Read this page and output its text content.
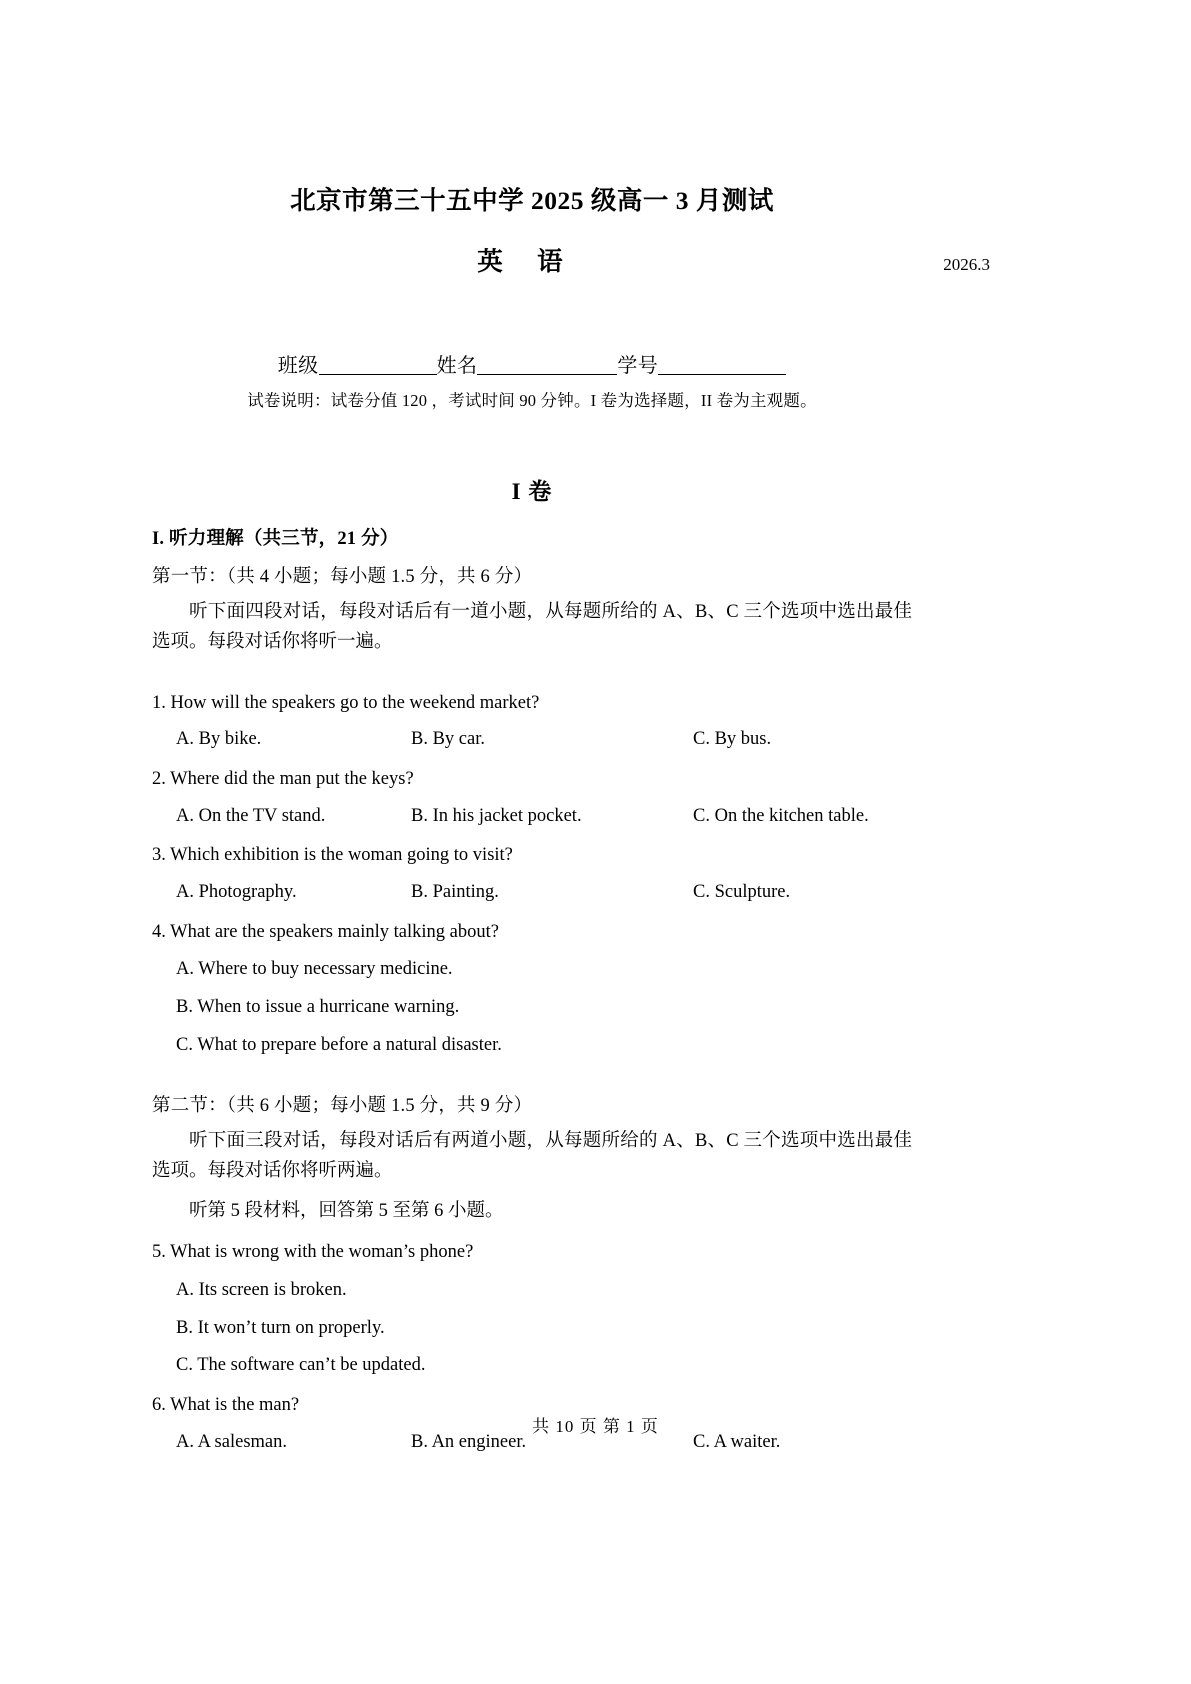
北京市第三十五中学 2025 级高一 3 月测试
英 语	2026.3
班级	姓名	学号
试卷说明：试卷分值 120 ，考试时间 90 分钟。I 卷为选择题，II 卷为主观题。
I 卷
I. 听力理解（共三节，21 分）
第一节：（共 4 小题；每小题 1.5 分，共 6 分）
听下面四段对话，每段对话后有一道小题，从每题所给的 A、B、C 三个选项中选出最佳选项。每段对话你将听一遍。
1. How will the speakers go to the weekend market?
A. By bike.	B. By car.	C. By bus.
2. Where did the man put the keys?
A. On the TV stand.	B. In his jacket pocket.	C. On the kitchen table.
3. Which exhibition is the woman going to visit?
A. Photography.	B. Painting.	C. Sculpture.
4. What are the speakers mainly talking about?
A. Where to buy necessary medicine.
B. When to issue a hurricane warning.
C. What to prepare before a natural disaster.
第二节：（共 6 小题；每小题 1.5 分，共 9 分）
听下面三段对话，每段对话后有两道小题，从每题所给的 A、B、C 三个选项中选出最佳选项。每段对话你将听两遍。
听第 5 段材料，回答第 5 至第 6 小题。
5. What is wrong with the woman’s phone?
A. Its screen is broken.
B. It won’t turn on properly.
C. The software can’t be updated.
6. What is the man?
A. A salesman.	B. An engineer.	C. A waiter.
共 10 页 第 1 页
